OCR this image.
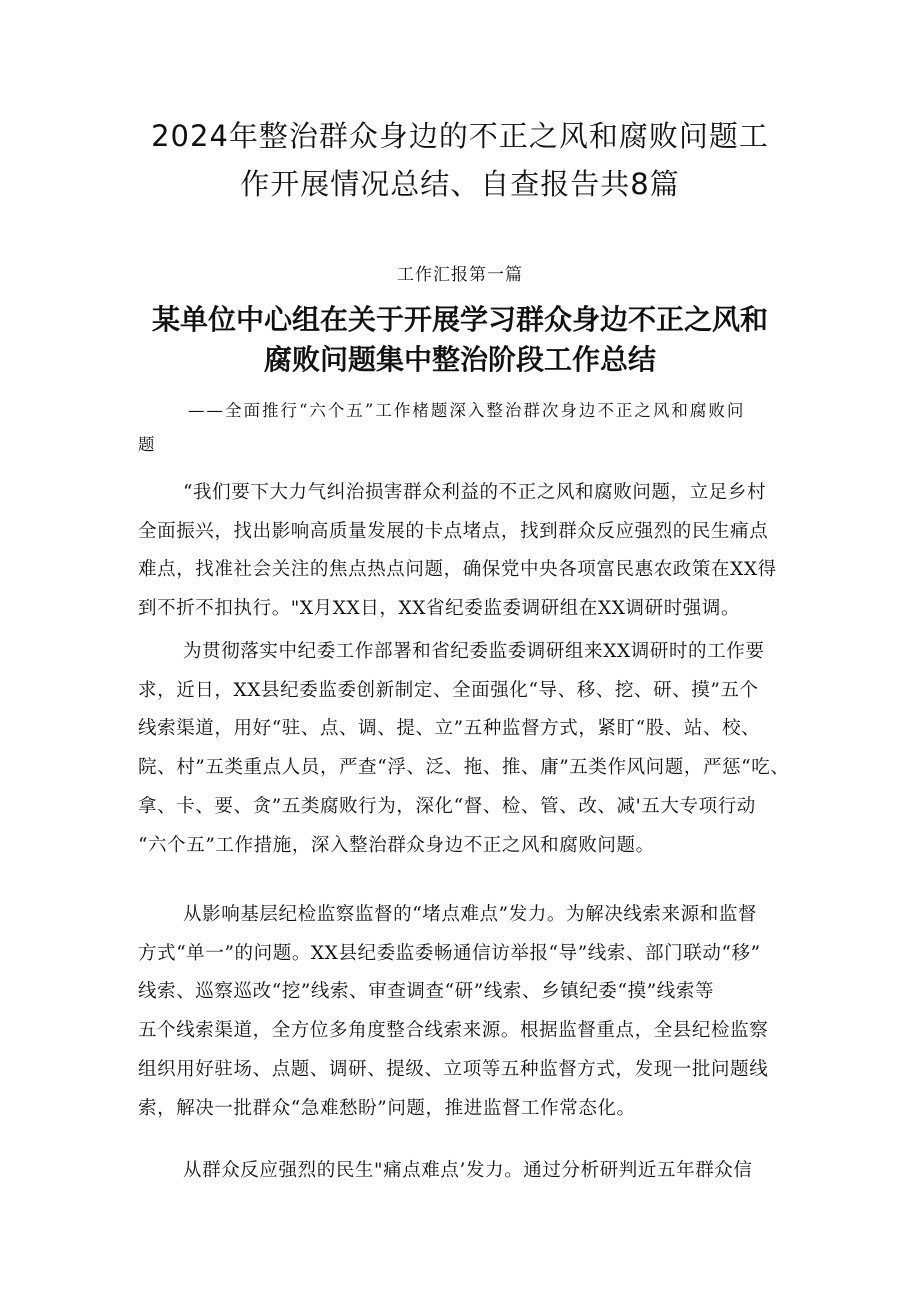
2024年整治群众身边的不正之风和腐败问题工
作开展情况总结、自查报告共8篇
工作汇报第一篇
某单位中心组在关于开展学习群众身边不正之风和
腐败问题集中整治阶段工作总结
——全面推行“六个五”工作楮题深入整治群次身边不正之风和腐败问
题
“我们要下大力气纠治损害群众利益的不正之风和腐败问题，立足乡村
全面振兴，找出影响高质量发展的卡点堵点，找到群众反应强烈的民生痛点
难点，找准社会关注的焦点热点问题，确保党中央各项富民惠农政策在XX得
到不折不扣执行。"X月XX日，XX省纪委监委调研组在XX调研时强调。
为贯彻落实中纪委工作部署和省纪委监委调研组来XX调研时的工作要
求，近日，XX县纪委监委创新制定、全面强化“导、移、挖、研、摸”五个
线索渠道，用好“驻、点、调、提、立”五种监督方式，紧盯“股、站、校、
院、村”五类重点人员，严查“浮、泛、拖、推、庸”五类作风问题，严惩“吃、
拿、卡、要、贪”五类腐败行为，深化“督、检、管、改、减'五大专项行动
“六个五”工作措施，深入整治群众身边不正之风和腐败问题。
从影响基层纪检监察监督的“堵点难点”发力。为解决线索来源和监督
方式“单一”的问题。XX县纪委监委畅通信访举报“导”线索、部门联动“移”
线索、巡察巡改“挖”线索、审查调查“研”线索、乡镇纪委“摸”线索等
五个线索渠道，全方位多角度整合线索来源。根据监督重点，全县纪检监察
组织用好驻场、点题、调研、提级、立项等五种监督方式，发现一批问题线
索，解决一批群众“急难愁盼”问题，推进监督工作常态化。
从群众反应强烈的民生"痛点难点’发力。通过分析研判近五年群众信
